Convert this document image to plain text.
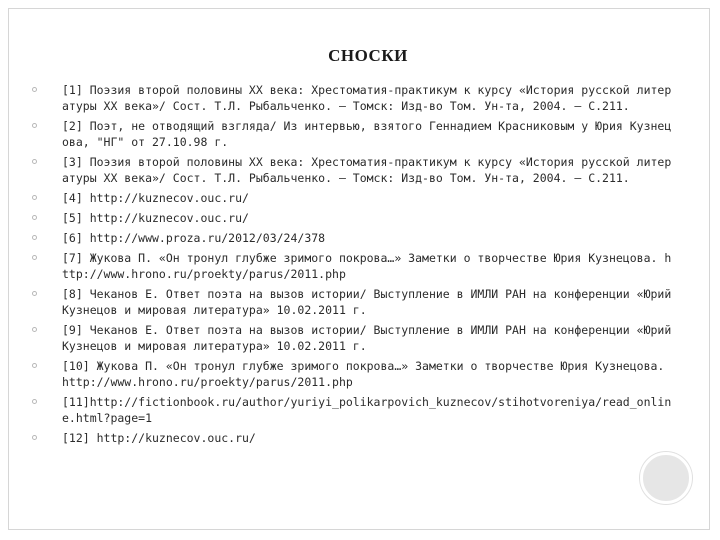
СНОСКИ
[1] Поэзия второй половины XX века: Хрестоматия-практикум к курсу «История русской литературы XX века»/ Сост. Т.Л. Рыбальченко. – Томск: Изд-во Том. Ун-та, 2004. – С.211.
[2] Поэт, не отводящий взгляда/ Из интервью, взятого Геннадием Красниковым у Юрия Кузнецова, "НГ" от 27.10.98 г.
[3] Поэзия второй половины XX века: Хрестоматия-практикум к курсу «История русской литературы XX века»/ Сост. Т.Л. Рыбальченко. – Томск: Изд-во Том. Ун-та, 2004. – С.211.
[4] http://kuznecov.ouc.ru/
[5] http://kuznecov.ouc.ru/
[6] http://www.proza.ru/2012/03/24/378
[7] Жукова П. «Он тронул глубже зримого покрова…» Заметки о творчестве Юрия Кузнецова. http://www.hrono.ru/proekty/parus/2011.php
[8] Чеканов Е. Ответ поэта на вызов истории/ Выступление в ИМЛИ РАН на конференции «Юрий Кузнецов и мировая литература» 10.02.2011 г.
[9] Чеканов Е. Ответ поэта на вызов истории/ Выступление в ИМЛИ РАН на конференции «Юрий Кузнецов и мировая литература» 10.02.2011 г.
[10] Жукова П. «Он тронул глубже зримого покрова…» Заметки о творчестве Юрия Кузнецова. http://www.hrono.ru/proekty/parus/2011.php
[11]http://fictionbook.ru/author/yuriyi_polikarpovich_kuznecov/stihotvoreniya/read_online.html?page=1
[12] http://kuznecov.ouc.ru/
